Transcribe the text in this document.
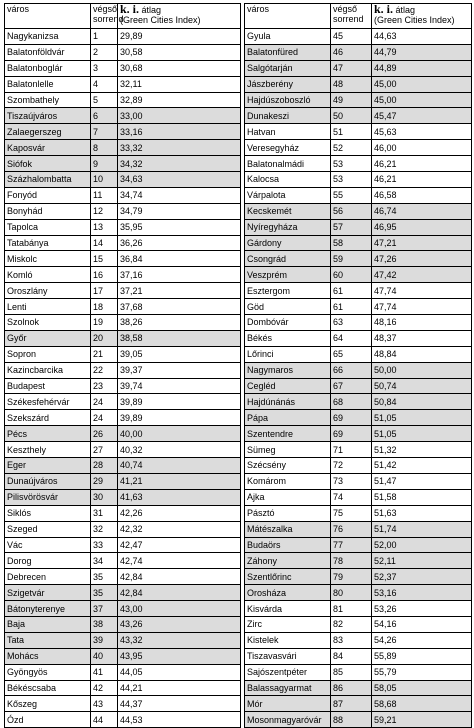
város	végső
sorrend	k. i. átlag
(Green Cities Index)

Nagykanizsa	1	29,89
Balatonföldvár	2	30,58
Balatonboglár	3	30,68
Balatonlelle	4	32,11
Szombathely	5	32,89
Tiszaújváros	6	33,00
Zalaegerszeg	7	33,16
Kaposvár	8	33,32
Siófok	9	34,32
Százhalombatta	10	34,63
Fonyód	11	34,74
Bonyhád	12	34,79
Tapolca	13	35,95
Tatabánya	14	36,26
Miskolc	15	36,84
Komló	16	37,16
Oroszlány	17	37,21
Lenti	18	37,68
Szolnok	19	38,26
Győr	20	38,58
Sopron	21	39,05
Kazincbarcika	22	39,37
Budapest	23	39,74
Székesfehérvár	24	39,89
Szekszárd	24	39,89
Pécs	26	40,00
Keszthely	27	40,32
Eger	28	40,74
Dunaújváros	29	41,21
Pilisvörösvár	30	41,63
Siklós	31	42,26
Szeged	32	42,32
Vác	33	42,47
Dorog	34	42,74
Debrecen	35	42,84
Szigetvár	35	42,84
Bátonyterenye	37	43,00
Baja	38	43,26
Tata	39	43,32
Mohács	40	43,95
Gyöngyös	41	44,05
Békéscsaba	42	44,21
Kőszeg	43	44,37
Ózd	44	44,53
város	végső
sorrend	k. i. átlag
(Green Cities Index)

Gyula	45	44,63
Balatonfüred	46	44,79
Salgótarján	47	44,89
Jászberény	48	45,00
Hajdúszoboszló	49	45,00
Dunakeszi	50	45,47
Hatvan	51	45,63
Veresegyház	52	46,00
Balatonalmádi	53	46,21
Kalocsa	53	46,21
Várpalota	55	46,58
Kecskemét	56	46,74
Nyíregyháza	57	46,95
Gárdony	58	47,21
Csongrád	59	47,26
Veszprém	60	47,42
Esztergom	61	47,74
Göd	61	47,74
Dombóvár	63	48,16
Békés	64	48,37
Lőrinci	65	48,84
Nagymaros	66	50,00
Cegléd	67	50,74
Hajdúnánás	68	50,84
Pápa	69	51,05
Szentendre	69	51,05
Sümeg	71	51,32
Szécsény	72	51,42
Komárom	73	51,47
Ajka	74	51,58
Pásztó	75	51,63
Mátészalka	76	51,74
Budaörs	77	52,00
Záhony	78	52,11
Szentlőrinc	79	52,37
Orosháza	80	53,16
Kisvárda	81	53,26
Zirc	82	54,16
Kistelek	83	54,26
Tiszavasvári	84	55,89
Sajószentpéter	85	55,79
Balassagyarmat	86	58,05
Mór	87	58,68
Mosonmagyaróvár	88	59,21
